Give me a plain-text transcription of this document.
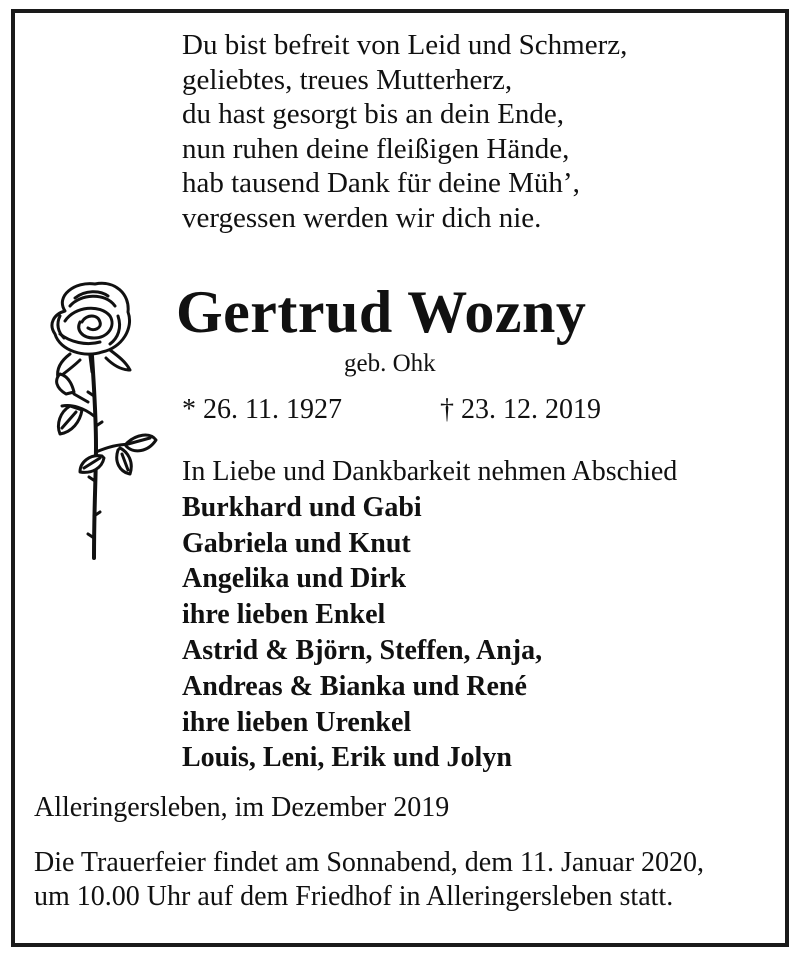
Du bist befreit von Leid und Schmerz,
geliebtes, treues Mutterherz,
du hast gesorgt bis an dein Ende,
nun ruhen deine fleißigen Hände,
hab tausend Dank für deine Müh’,
vergessen werden wir dich nie.
Gertrud Wozny
geb. Ohk
* 26. 11. 1927	† 23. 12. 2019
In Liebe und Dankbarkeit nehmen Abschied
Burkhard und Gabi
Gabriela und Knut
Angelika und Dirk
ihre lieben Enkel
Astrid & Björn, Steffen, Anja,
Andreas & Bianka und René
ihre lieben Urenkel
Louis, Leni, Erik und Jolyn
Alleringersleben, im Dezember 2019
Die Trauerfeier findet am Sonnabend, dem 11. Januar 2020,
um 10.00 Uhr auf dem Friedhof in Alleringersleben statt.
